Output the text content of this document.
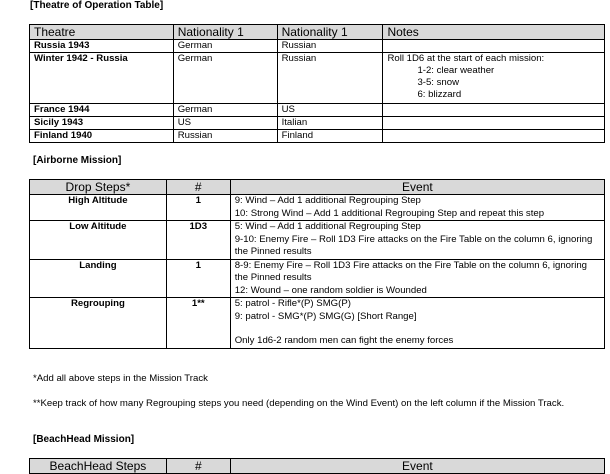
[Theatre of Operation Table]
Theatre	Nationality 1	Nationality 1	Notes
Russia 1943	German	Russian	
Winter 1942 - Russia	German	Russian	Roll 1D6 at the start of each mission:
1-2: clear weather
3-5: snow
6: blizzard

France 1944	German	US	
Sicily 1943	US	Italian	
Finland 1940	Russian	Finland	
[Airborne Mission]
Drop Steps*	#	Event
High Altitude	1	9: Wind – Add 1 additional Regrouping Step
10: Strong Wind – Add 1 additional Regrouping Step and repeat this step

Low Altitude	1D3	5: Wind – Add 1 additional Regrouping Step
9-10: Enemy Fire – Roll 1D3 Fire attacks on the Fire Table on the column 6, ignoring the Pinned results

Landing	1	8-9: Enemy Fire – Roll 1D3 Fire attacks on the Fire Table on the column 6, ignoring the Pinned results
12: Wound – one random soldier is Wounded

Regrouping	1**	5: patrol - Rifle*(P) SMG(P)
9: patrol - SMG*(P) SMG(G) [Short Range]
Only 1d6-2 random men can fight the enemy forces
*Add all above steps in the Mission Track
**Keep track of how many Regrouping steps you need (depending on the Wind Event) on the left column if the Mission Track.
[BeachHead Mission]
BeachHead Steps	#	Event
